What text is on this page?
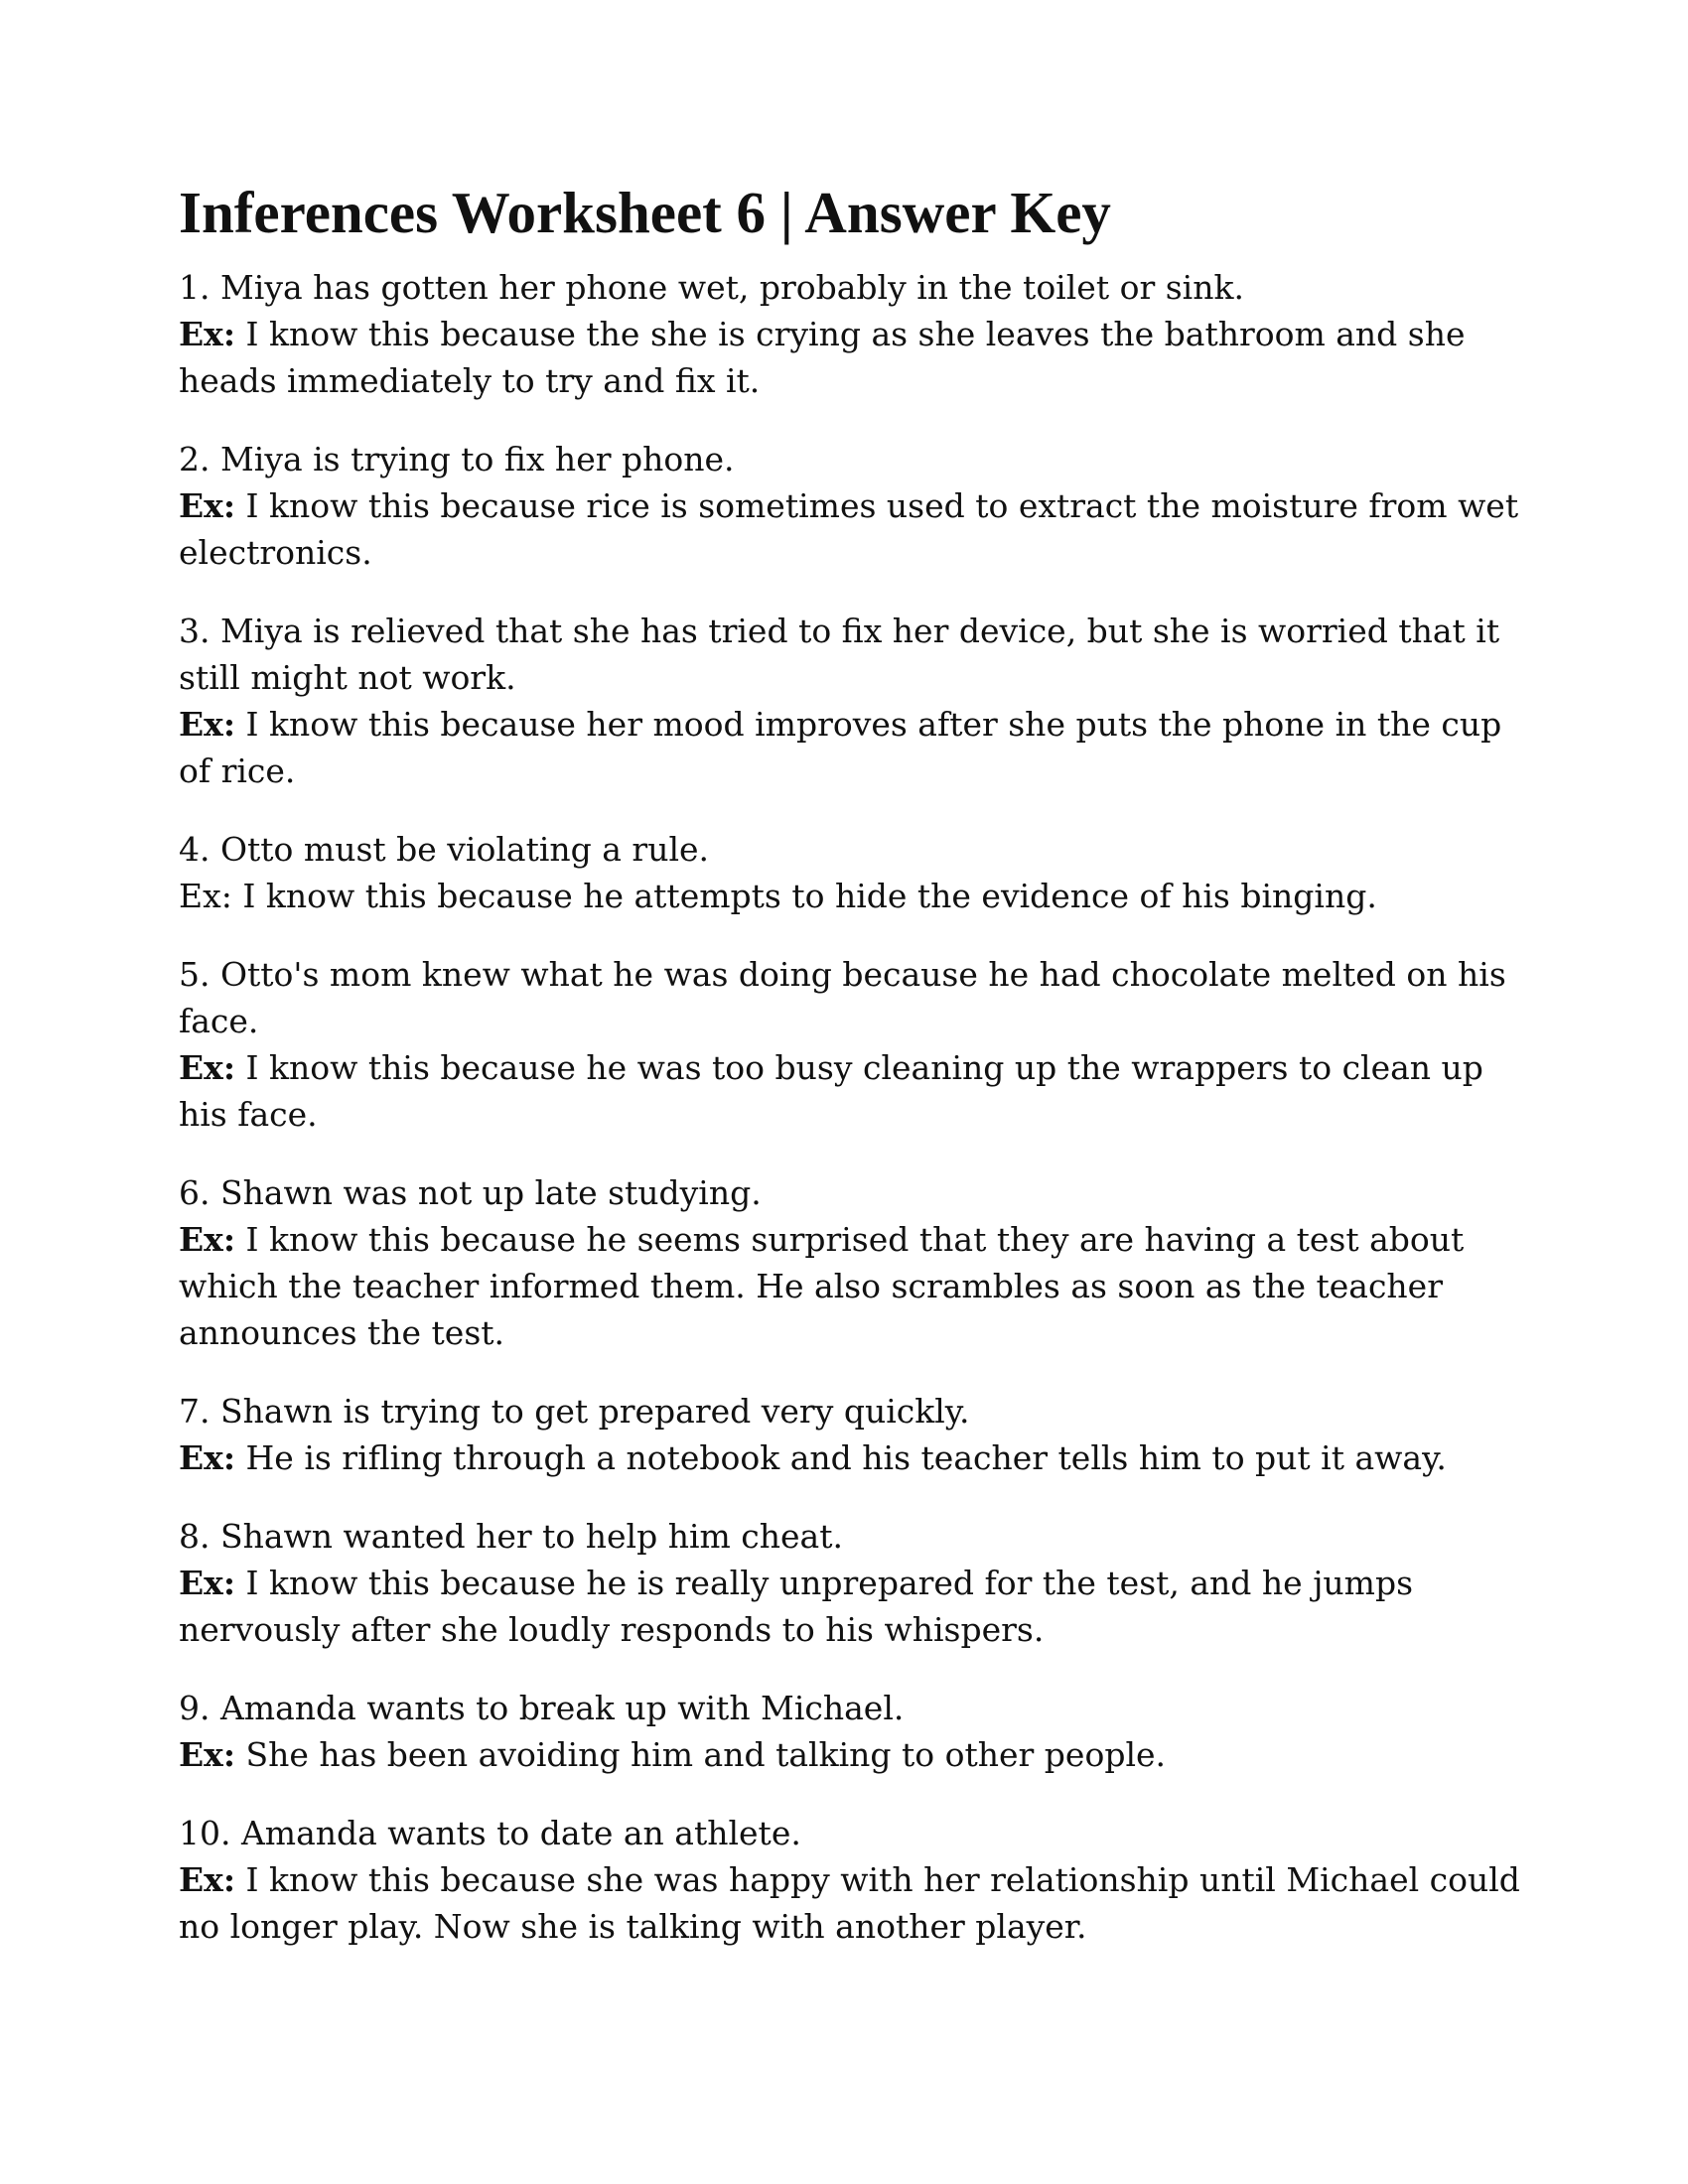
Inferences Worksheet 6 | Answer Key

1. Miya has gotten her phone wet, probably in the toilet or sink.

Ex: I know this because the she is crying as she leaves the bathroom and she heads immediately to try and fix it.

2. Miya is trying to fix her phone.

Ex: I know this because rice is sometimes used to extract the moisture from wet electronics.

3. Miya is relieved that she has tried to fix her device, but she is worried that it still might not work.

Ex: I know this because her mood improves after she puts the phone in the cup of rice.

4. Otto must be violating a rule.

Ex: I know this because he attempts to hide the evidence of his binging.

5. Otto's mom knew what he was doing because he had chocolate melted on his face.

Ex: I know this because he was too busy cleaning up the wrappers to clean up his face.

6. Shawn was not up late studying.

Ex: I know this because he seems surprised that they are having a test about which the teacher informed them. He also scrambles as soon as the teacher announces the test.

7. Shawn is trying to get prepared very quickly.

Ex: He is rifling through a notebook and his teacher tells him to put it away.

8. Shawn wanted her to help him cheat.

Ex: I know this because he is really unprepared for the test, and he jumps nervously after she loudly responds to his whispers.

9. Amanda wants to break up with Michael.

Ex: She has been avoiding him and talking to other people.

10. Amanda wants to date an athlete.

Ex: I know this because she was happy with her relationship until Michael could no longer play. Now she is talking with another player.
